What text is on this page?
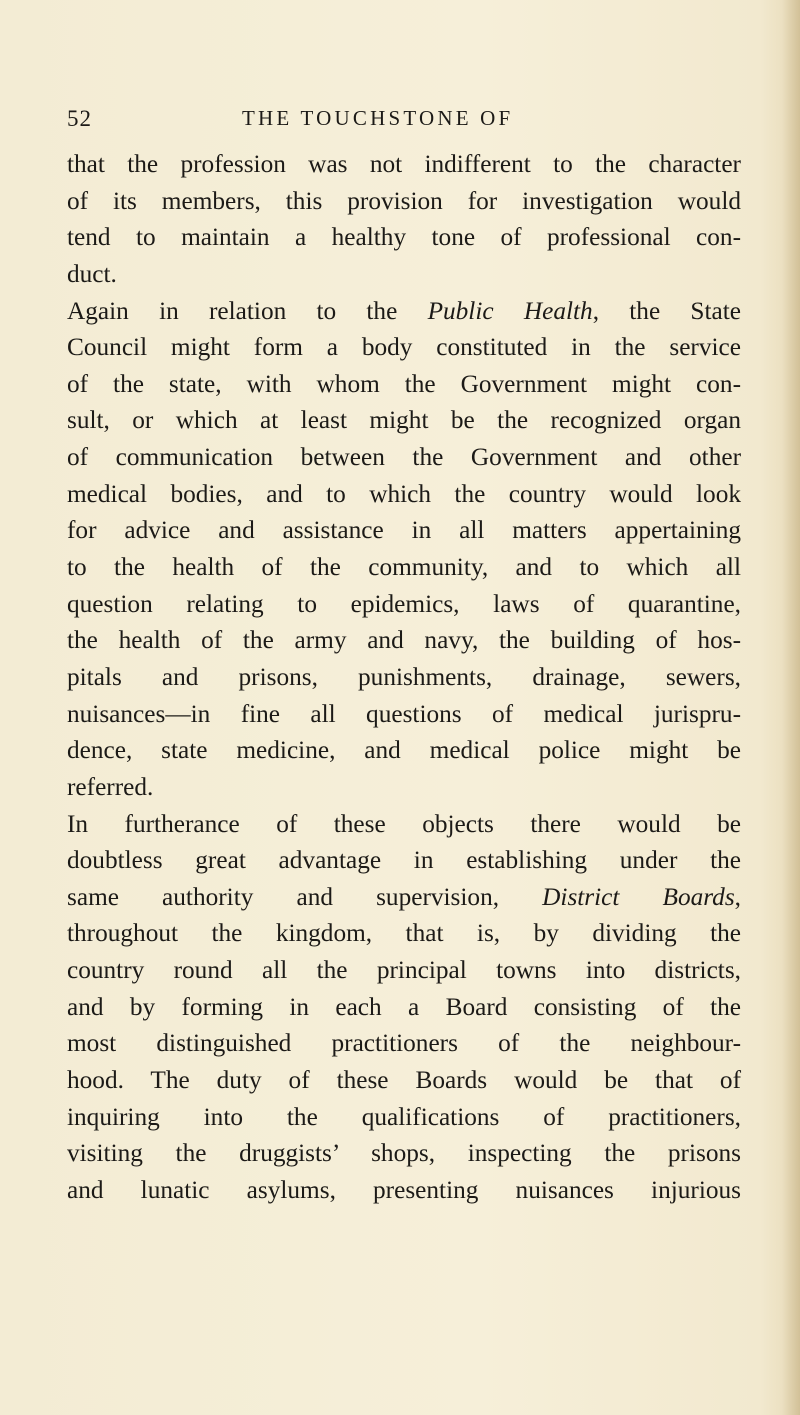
52	THE TOUCHSTONE OF
that the profession was not indifferent to the character
of its members, this provision for investigation would
tend to maintain a healthy tone of professional con-
duct.
Again in relation to the Public Health, the State
Council might form a body constituted in the service
of the state, with whom the Government might con-
sult, or which at least might be the recognized organ
of communication between the Government and other
medical bodies, and to which the country would look
for advice and assistance in all matters appertaining
to the health of the community, and to which all
question relating to epidemics, laws of quarantine,
the health of the army and navy, the building of hos-
pitals and prisons, punishments, drainage, sewers,
nuisances—in fine all questions of medical jurispru-
dence, state medicine, and medical police might be
referred.
In furtherance of these objects there would be
doubtless great advantage in establishing under the
same authority and supervision, District Boards,
throughout the kingdom, that is, by dividing the
country round all the principal towns into districts,
and by forming in each a Board consisting of the
most distinguished practitioners of the neighbour-
hood. The duty of these Boards would be that of
inquiring into the qualifications of practitioners,
visiting the druggists’ shops, inspecting the prisons
and lunatic asylums, presenting nuisances injurious
